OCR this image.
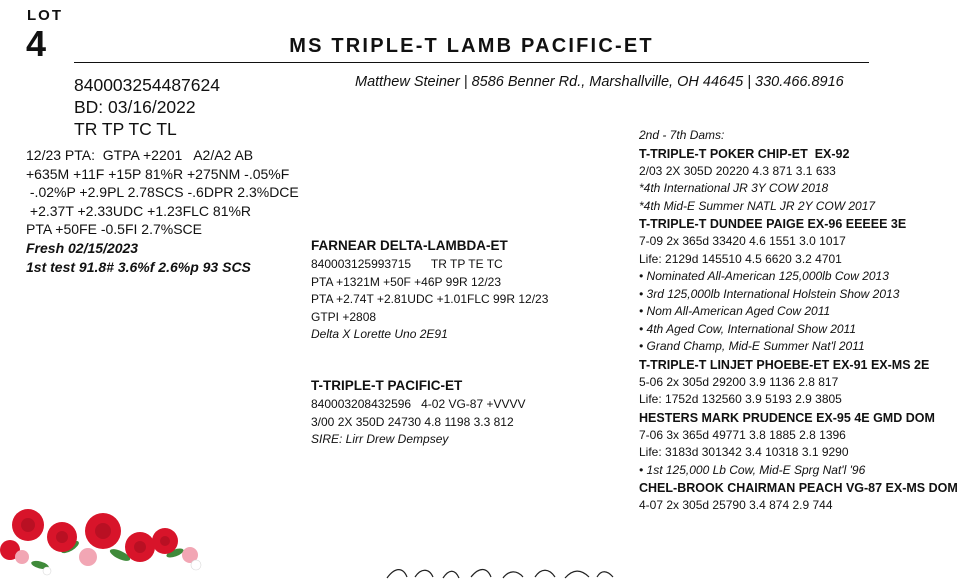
LOT
4	MS TRIPLE-T LAMB PACIFIC-ET
Matthew Steiner | 8586 Benner Rd., Marshallville, OH 44645 | 330.466.8916
840003254487624
BD: 03/16/2022
TR TP TC TL
12/23 PTA:  GTPA +2201   A2/A2 AB
+635M +11F +15P 81%R +275NM -.05%F
-.02%P +2.9PL 2.78SCS -.6DPR 2.3%DCE
+2.37T +2.33UDC +1.23FLC 81%R
PTA +50FE -0.5FI 2.7%SCE
Fresh 02/15/2023
1st test 91.8# 3.6%f 2.6%p 93 SCS
FARNEAR DELTA-LAMBDA-ET
840003125993715      TR TP TE TC
PTA +1321M +50F +46P 99R 12/23
PTA +2.74T +2.81UDC +1.01FLC 99R 12/23
GTPI +2808
Delta X Lorette Uno 2E91
T-TRIPLE-T PACIFIC-ET
840003208432596   4-02 VG-87 +VVVV
3/00 2X 350D 24730 4.8 1198 3.3 812
SIRE: Lirr Drew Dempsey
2nd - 7th Dams:
T-TRIPLE-T POKER CHIP-ET  EX-92
2/03 2X 305D 20220 4.3 871 3.1 633
*4th International JR 3Y COW 2018
*4th Mid-E Summer NATL JR 2Y COW 2017
T-TRIPLE-T DUNDEE PAIGE EX-96 EEEEE 3E
7-09 2x 365d 33420 4.6 1551 3.0 1017
Life: 2129d 145510 4.5 6620 3.2 4701
• Nominated All-American 125,000lb Cow 2013
• 3rd 125,000lb International Holstein Show 2013
• Nom All-American Aged Cow 2011
• 4th Aged Cow, International Show 2011
• Grand Champ, Mid-E Summer Nat'l 2011
T-TRIPLE-T LINJET PHOEBE-ET EX-91 EX-MS 2E
5-06 2x 305d 29200 3.9 1136 2.8 817
Life: 1752d 132560 3.9 5193 2.9 3805
HESTERS MARK PRUDENCE EX-95 4E GMD DOM
7-06 3x 365d 49771 3.8 1885 2.8 1396
Life: 3183d 301342 3.4 10318 3.1 9290
• 1st 125,000 Lb Cow, Mid-E Sprg Nat'l '96
CHEL-BROOK CHAIRMAN PEACH VG-87 EX-MS DOM
4-07 2x 305d 25790 3.4 874 2.9 744
